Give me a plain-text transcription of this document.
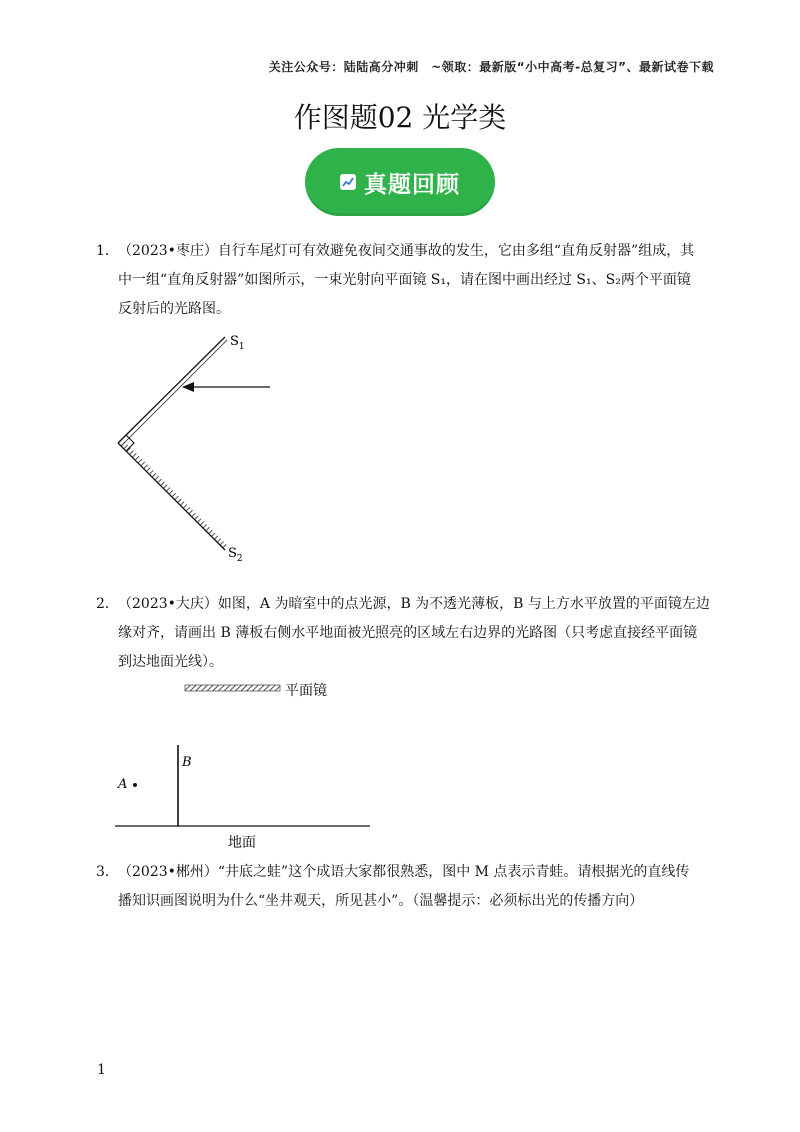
关注公众号：陆陆高分冲刺　~领取：最新版“小中高考-总复习”、最新试卷下载
作图题02 光学类
真题回顾
1．（2023•枣庄）自行车尾灯可有效避免夜间交通事故的发生，它由多组“直角反射器”组成，其
中一组“直角反射器”如图所示，一束光射向平面镜 S₁，请在图中画出经过 S₁、S₂两个平面镜
反射后的光路图。
$S_1$
$S_2$
2．（2023•大庆）如图，A 为暗室中的点光源，B 为不透光薄板，B 与上方水平放置的平面镜左边
缘对齐，请画出 B 薄板右侧水平地面被光照亮的区域左右边界的光路图（只考虑直接经平面镜
到达地面光线）。
平面镜
B
A
地面
3．（2023•郴州）“井底之蛙”这个成语大家都很熟悉，图中 M 点表示青蛙。请根据光的直线传
播知识画图说明为什么“坐井观天，所见甚小”。（温馨提示：必须标出光的传播方向）
1
